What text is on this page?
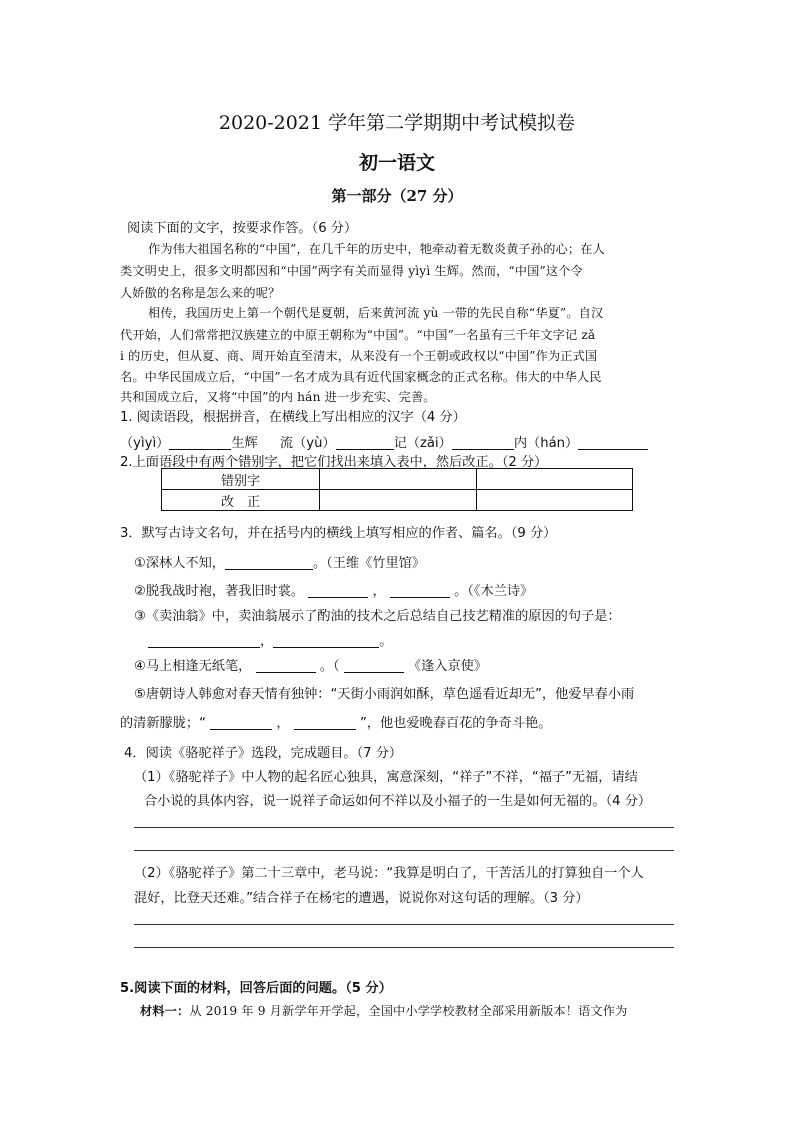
2020-2021 学年第二学期期中考试模拟卷
初一语文
第一部分（27 分）
阅读下面的文字，按要求作答。（6 分）
作为伟大祖国名称的“中国”，在几千年的历史中，牠牵动着无数炎黄子孙的心；在人
类文明史上，很多文明都因和“中国”两字有关而显得 yìyì 生辉。然而，“中国”这个令
人娇傲的名称是怎么来的呢？
相传，我国历史上第一个朝代是夏朝，后来黄河流 yù 一带的先民自称“华夏”。自汉
代开始，人们常常把汉族建立的中原王朝称为“中国”。“中国”一名虽有三千年文字记 zǎ
i 的历史，但从夏、商、周开始直至清末，从来没有一个王朝或政权以“中国”作为正式国
名。中华民国成立后，“中国”一名才成为具有近代国家概念的正式名称。伟大的中华人民
共和国成立后，又将“中国”的内 hán 进一步充实、完善。
1. 阅读语段，根据拼音，在横线上写出相应的汉字（4 分）
（yìyì）	生辉 流（yù）	记（zǎi）	内（hán）
2.上面语段中有两个错别字，把它们找出来填入表中，然后改正。（2 分）
错别字		
改　正		
3．默写古诗文名句，并在括号内的横线上填写相应的作者、篇名。（9 分）
①深林人不知，	。（王维《竹里馆》
②脱我战时袍，著我旧时裳。	，	。（《木兰诗》
③《卖油翁》中，卖油翁展示了酌油的技术之后总结自己技艺精准的原因的句子是：
，	。
④马上相逢无纸笔，	。（	《逢入京使》
⑤唐朝诗人韩愈对春天情有独钟：“天街小雨润如酥，草色遥看近却无”，他爱早春小雨
的清新朦胧；“	，	”，他也爱晚春百花的争奇斗艳。
4．阅读《骆驼祥子》选段，完成题目。（7 分）
（1）《骆驼祥子》中人物的起名匠心独具，寓意深刻，“祥子”不祥，“福子”无福，请结
合小说的具体内容，说一说祥子命运如何不祥以及小福子的一生是如何无福的。（4 分）
（2）《骆驼祥子》第二十三章中，老马说：“我算是明白了，干苦活儿的打算独自一个人
混好，比登天还难。”结合祥子在杨宅的遭遇，说说你对这句话的理解。（3 分）
5.阅读下面的材料，回答后面的问题。（5 分）
材料一：从 2019 年 9 月新学年开学起，全国中小学学校教材全部采用新版本！语文作为
